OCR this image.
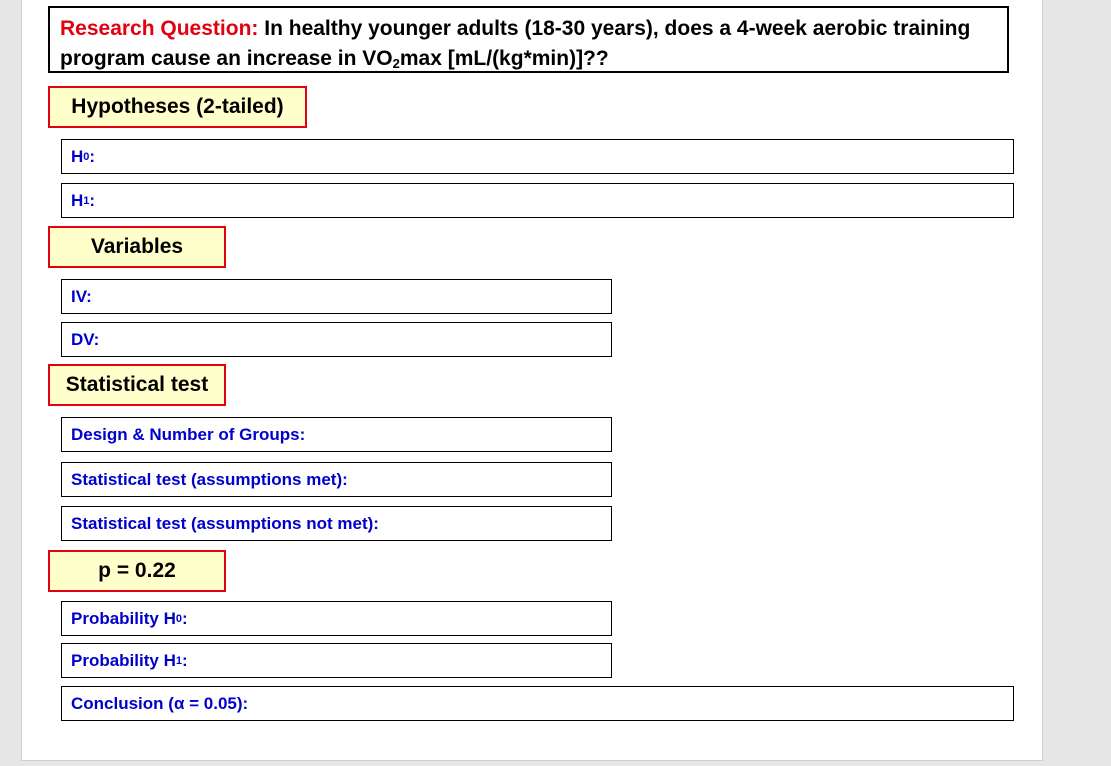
Research Question: In healthy younger adults (18-30 years), does a 4-week aerobic training program cause an increase in $VO_2\max$ [mL/(kg*min)]??
Hypotheses (2-tailed)
H 0 :
H 1 :
Variables
IV:
DV:
Statistical test
Design & Number of Groups:
Statistical test (assumptions met):
Statistical test (assumptions not met):
p = 0.22
Probability H 0 :
Probability H 1 :
Conclusion (α = 0.05):
